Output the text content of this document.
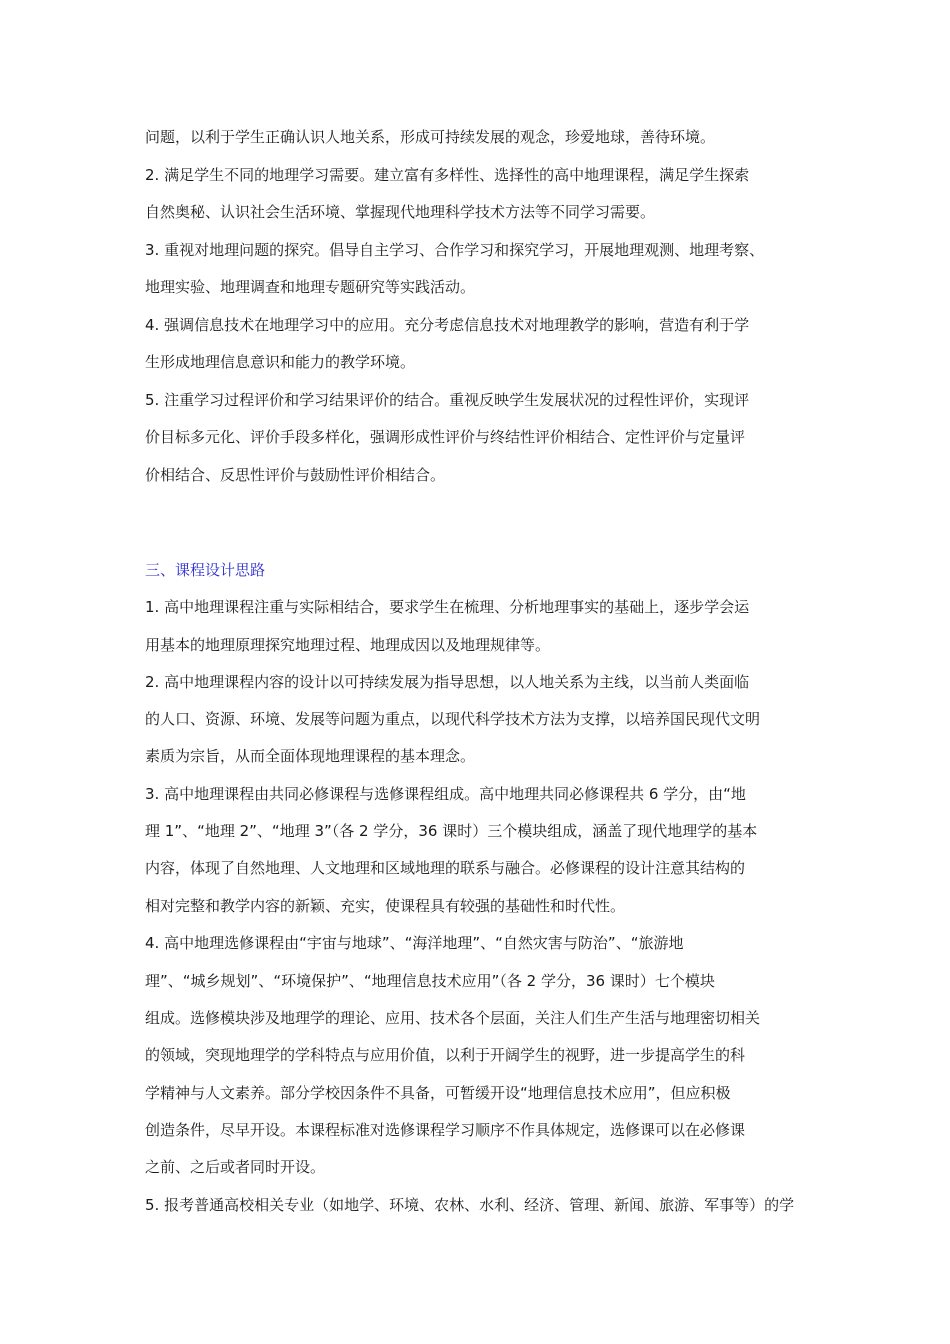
问题，以利于学生正确认识人地关系，形成可持续发展的观念，珍爱地球，善待环境。
2. 满足学生不同的地理学习需要。建立富有多样性、选择性的高中地理课程，满足学生探索
自然奥秘、认识社会生活环境、掌握现代地理科学技术方法等不同学习需要。
3. 重视对地理问题的探究。倡导自主学习、合作学习和探究学习，开展地理观测、地理考察、
地理实验、地理调查和地理专题研究等实践活动。
4. 强调信息技术在地理学习中的应用。充分考虑信息技术对地理教学的影响，营造有利于学
生形成地理信息意识和能力的教学环境。
5. 注重学习过程评价和学习结果评价的结合。重视反映学生发展状况的过程性评价，实现评
价目标多元化、评价手段多样化，强调形成性评价与终结性评价相结合、定性评价与定量评
价相结合、反思性评价与鼓励性评价相结合。
三、课程设计思路
1. 高中地理课程注重与实际相结合，要求学生在梳理、分析地理事实的基础上，逐步学会运
用基本的地理原理探究地理过程、地理成因以及地理规律等。
2. 高中地理课程内容的设计以可持续发展为指导思想，以人地关系为主线，以当前人类面临
的人口、资源、环境、发展等问题为重点，以现代科学技术方法为支撑，以培养国民现代文明
素质为宗旨，从而全面体现地理课程的基本理念。
3. 高中地理课程由共同必修课程与选修课程组成。高中地理共同必修课程共 6 学分，由“地
理 1”、“地理 2”、“地理 3”（各 2 学分，36 课时）三个模块组成，涵盖了现代地理学的基本
内容，体现了自然地理、人文地理和区域地理的联系与融合。必修课程的设计注意其结构的
相对完整和教学内容的新颖、充实，使课程具有较强的基础性和时代性。
4. 高中地理选修课程由“宇宙与地球”、“海洋地理”、“自然灾害与防治”、“旅游地
理”、“城乡规划”、“环境保护”、“地理信息技术应用”（各 2 学分，36 课时）七个模块
组成。选修模块涉及地理学的理论、应用、技术各个层面，关注人们生产生活与地理密切相关
的领域，突现地理学的学科特点与应用价值，以利于开阔学生的视野，进一步提高学生的科
学精神与人文素养。部分学校因条件不具备，可暂缓开设“地理信息技术应用”，但应积极
创造条件，尽早开设。本课程标准对选修课程学习顺序不作具体规定，选修课可以在必修课
之前、之后或者同时开设。
5. 报考普通高校相关专业（如地学、环境、农林、水利、经济、管理、新闻、旅游、军事等）的学
